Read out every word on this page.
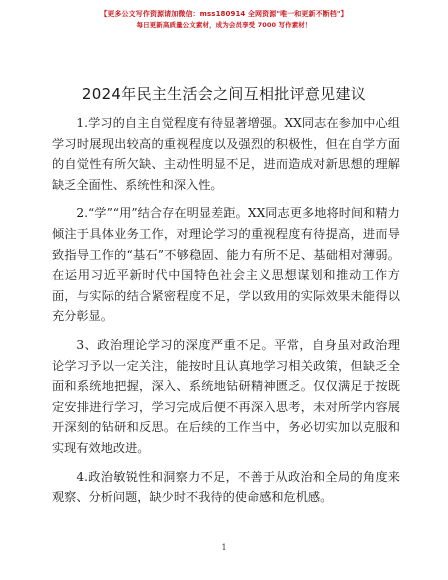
【更多公文写作资源请加微信：mss180914 全网资源"唯一和更新不断档"】
每日更新高质量公文素材，成为会员享受 7000 写作素材！
2024年民主生活会之间互相批评意见建议

1.学习的自主自觉程度有待显著增强。XX同志在参加中心组学习时展现出较高的重视程度以及强烈的积极性，但在自学方面的自觉性有所欠缺、主动性明显不足，进而造成对新思想的理解缺乏全面性、系统性和深入性。

2.“学”“用”结合存在明显差距。XX同志更多地将时间和精力倾注于具体业务工作，对理论学习的重视程度有待提高，进而导致指导工作的“基石”不够稳固、能力有所不足、基础相对薄弱。在运用习近平新时代中国特色社会主义思想谋划和推动工作方面，与实际的结合紧密程度不足，学以致用的实际效果未能得以充分彰显。

3、政治理论学习的深度严重不足。平常，自身虽对政治理论学习予以一定关注，能按时且认真地学习相关政策，但缺乏全面和系统地把握，深入、系统地钻研精神匮乏。仅仅满足于按既定安排进行学习，学习完成后便不再深入思考，未对所学内容展开深刻的钻研和反思。在后续的工作当中，务必切实加以克服和实现有效地改进。

4.政治敏锐性和洞察力不足，不善于从政治和全局的角度来观察、分析问题，缺少时不我待的使命感和危机感。

1
